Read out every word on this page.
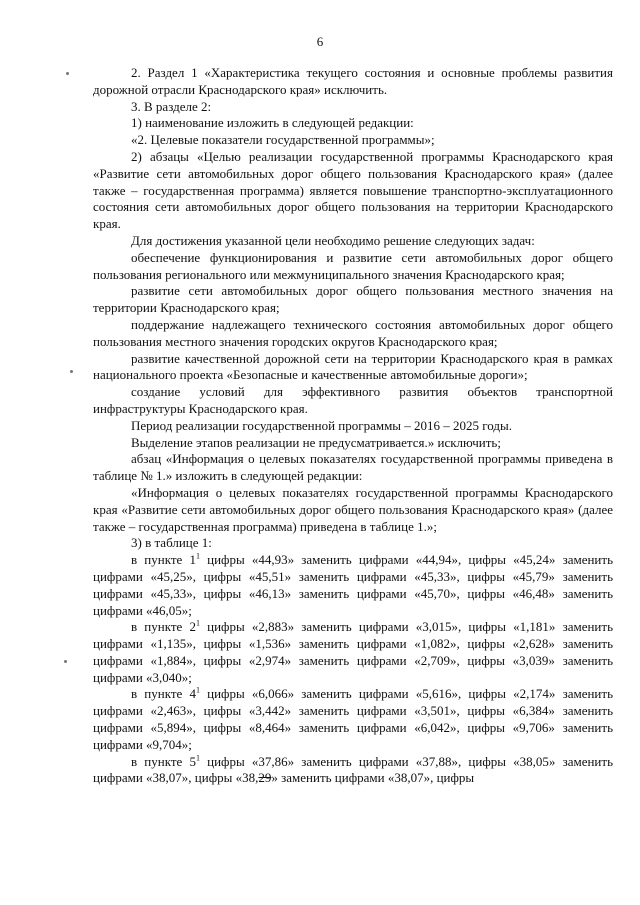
6

2. Раздел 1 «Характеристика текущего состояния и основные проблемы развития дорожной отрасли Краснодарского края» исключить.

3. В разделе 2:

1) наименование изложить в следующей редакции:

«2. Целевые показатели государственной программы»;

2) абзацы «Целью реализации государственной программы Краснодарского края «Развитие сети автомобильных дорог общего пользования Краснодарского края» (далее также – государственная программа) является повышение транспортно-эксплуатационного состояния сети автомобильных дорог общего пользования на территории Краснодарского края.

Для достижения указанной цели необходимо решение следующих задач:

обеспечение функционирования и развитие сети автомобильных дорог общего пользования регионального или межмуниципального значения Краснодарского края;

развитие сети автомобильных дорог общего пользования местного значения на территории Краснодарского края;

поддержание надлежащего технического состояния автомобильных дорог общего пользования местного значения городских округов Краснодарского края;

развитие качественной дорожной сети на территории Краснодарского края в рамках национального проекта «Безопасные и качественные автомобильные дороги»;

создание условий для эффективного развития объектов транспортной инфраструктуры Краснодарского края.

Период реализации государственной программы – 2016 – 2025 годы.

Выделение этапов реализации не предусматривается.» исключить;

абзац «Информация о целевых показателях государственной программы приведена в таблице № 1.» изложить в следующей редакции:

«Информация о целевых показателях государственной программы Краснодарского края «Развитие сети автомобильных дорог общего пользования Краснодарского края» (далее также – государственная программа) приведена в таблице 1.»;

3) в таблице 1:

в пункте $1^1$ цифры «44,93» заменить цифрами «44,94», цифры «45,24» заменить цифрами «45,25», цифры «45,51» заменить цифрами «45,33», цифры «45,79» заменить цифрами «45,33», цифры «46,13» заменить цифрами «45,70», цифры «46,48» заменить цифрами «46,05»;

в пункте $2^1$ цифры «2,883» заменить цифрами «3,015», цифры «1,181» заменить цифрами «1,135», цифры «1,536» заменить цифрами «1,082», цифры «2,628» заменить цифрами «1,884», цифры «2,974» заменить цифрами «2,709», цифры «3,039» заменить цифрами «3,040»;

в пункте $4^1$ цифры «6,066» заменить цифрами «5,616», цифры «2,174» заменить цифрами «2,463», цифры «3,442» заменить цифрами «3,501», цифры «6,384» заменить цифрами «5,894», цифры «8,464» заменить цифрами «6,042», цифры «9,706» заменить цифрами «9,704»;

в пункте $5^1$ цифры «37,86» заменить цифрами «37,88», цифры «38,05» заменить цифрами «38,07», цифры «38,29» заменить цифрами «38,07», цифры
